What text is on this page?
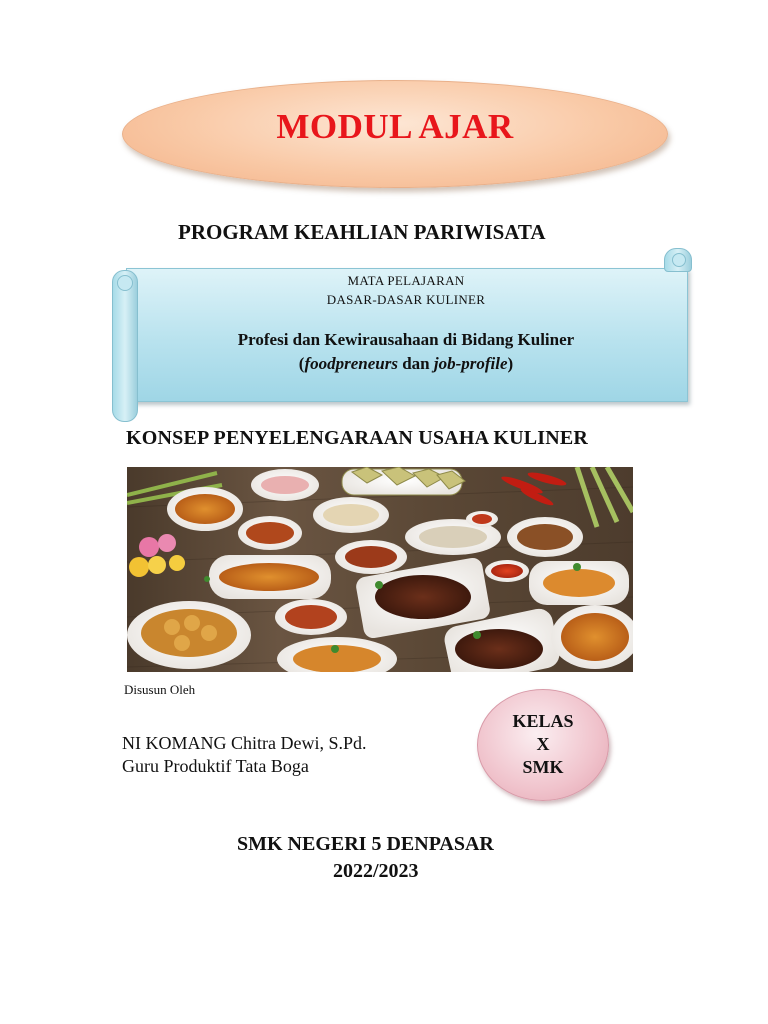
MODUL AJAR
PROGRAM KEAHLIAN PARIWISATA
MATA PELAJARAN
DASAR-DASAR KULINER
Profesi dan Kewirausahaan di Bidang Kuliner
(foodpreneurs dan job-profile)
KONSEP PENYELENGARAAN USAHA KULINER
Disusun Oleh
NI KOMANG Chitra Dewi, S.Pd.
Guru Produktif Tata Boga
KELAS
X
SMK
SMK NEGERI 5 DENPASAR
2022/2023
